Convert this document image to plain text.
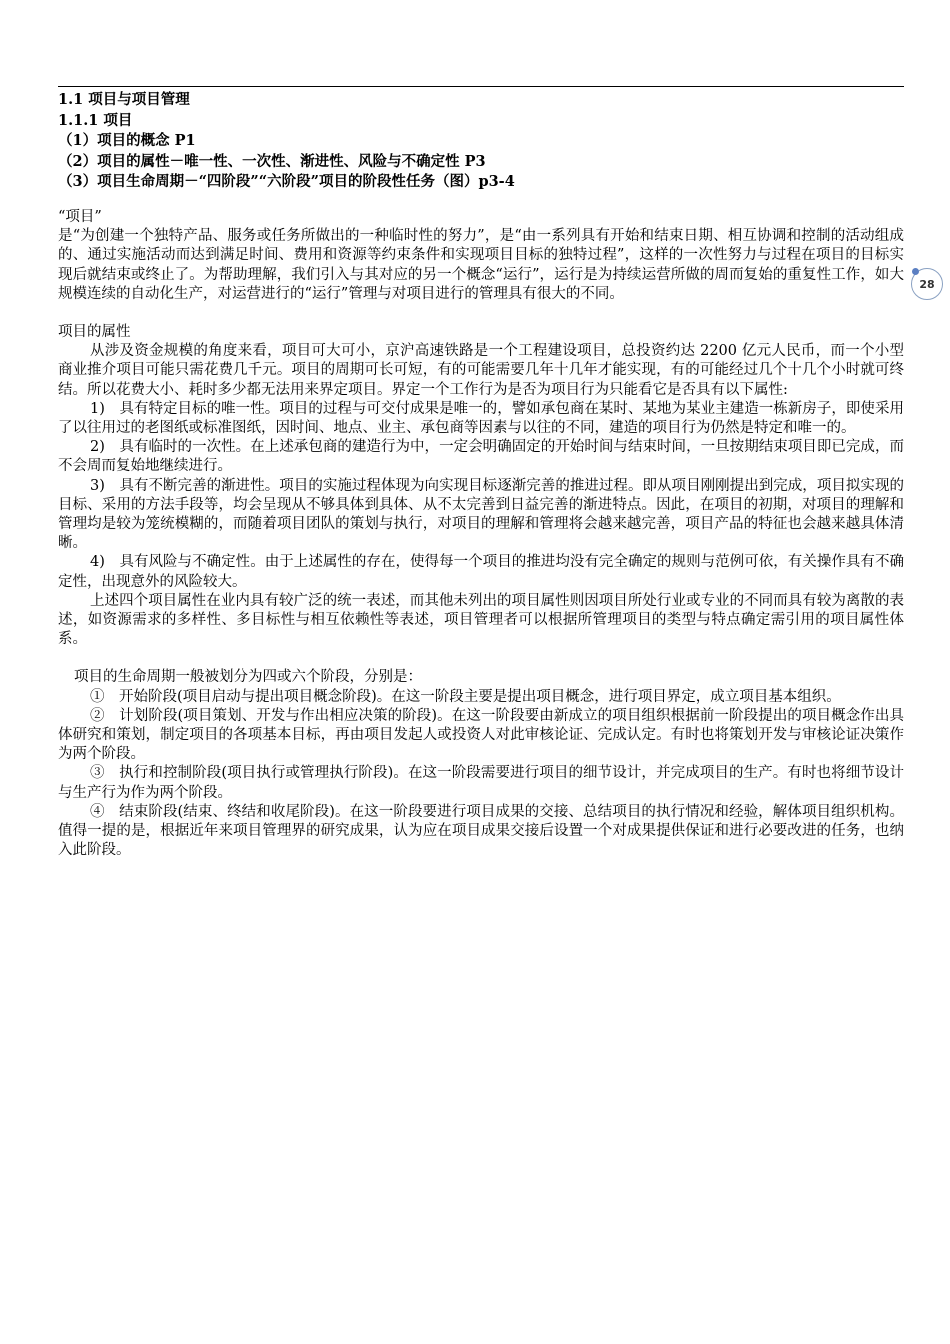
1.1 项目与项目管理
1.1.1 项目
（1）项目的概念 P1
（2）项目的属性－唯一性、一次性、渐进性、风险与不确定性 P3
（3）项目生命周期－“四阶段”“六阶段”项目的阶段性任务（图）p3-4

“项目”

是“为创建一个独特产品、服务或任务所做出的一种临时性的努力”，是“由一系列具有开始和结束日期、相互协调和控制的活动组成的、通过实施活动而达到满足时间、费用和资源等约束条件和实现项目目标的独特过程”，这样的一次性努力与过程在项目的目标实现后就结束或终止了。为帮助理解，我们引入与其对应的另一个概念“运行”，运行是为持续运营所做的周而复始的重复性工作，如大规模连续的自动化生产，对运营进行的“运行”管理与对项目进行的管理具有很大的不同。

项目的属性

从涉及资金规模的角度来看，项目可大可小，京沪高速铁路是一个工程建设项目，总投资约达 2200 亿元人民币，而一个小型商业推介项目可能只需花费几千元。项目的周期可长可短，有的可能需要几年十几年才能实现，有的可能经过几个十几个小时就可终结。所以花费大小、耗时多少都无法用来界定项目。界定一个工作行为是否为项目行为只能看它是否具有以下属性:

1)　具有特定目标的唯一性。项目的过程与可交付成果是唯一的，譬如承包商在某时、某地为某业主建造一栋新房子，即使采用了以往用过的老图纸或标准图纸，因时间、地点、业主、承包商等因素与以往的不同，建造的项目行为仍然是特定和唯一的。

2)　具有临时的一次性。在上述承包商的建造行为中，一定会明确固定的开始时间与结束时间，一旦按期结束项目即已完成，而不会周而复始地继续进行。

3)　具有不断完善的渐进性。项目的实施过程体现为向实现目标逐渐完善的推进过程。即从项目刚刚提出到完成，项目拟实现的目标、采用的方法手段等，均会呈现从不够具体到具体、从不太完善到日益完善的渐进特点。因此，在项目的初期，对项目的理解和管理均是较为笼统模糊的，而随着项目团队的策划与执行，对项目的理解和管理将会越来越完善，项目产品的特征也会越来越具体清晰。

4)　具有风险与不确定性。由于上述属性的存在，使得每一个项目的推进均没有完全确定的规则与范例可依，有关操作具有不确定性，出现意外的风险较大。

上述四个项目属性在业内具有较广泛的统一表述，而其他未列出的项目属性则因项目所处行业或专业的不同而具有较为离散的表述，如资源需求的多样性、多目标性与相互依赖性等表述，项目管理者可以根据所管理项目的类型与特点确定需引用的项目属性体系。

项目的生命周期一般被划分为四或六个阶段，分别是：

①　开始阶段(项目启动与提出项目概念阶段)。在这一阶段主要是提出项目概念，进行项目界定，成立项目基本组织。

②　计划阶段(项目策划、开发与作出相应决策的阶段)。在这一阶段要由新成立的项目组织根据前一阶段提出的项目概念作出具体研究和策划，制定项目的各项基本目标，再由项目发起人或投资人对此审核论证、完成认定。有时也将策划开发与审核论证决策作为两个阶段。

③　执行和控制阶段(项目执行或管理执行阶段)。在这一阶段需要进行项目的细节设计，并完成项目的生产。有时也将细节设计与生产行为作为两个阶段。

④　结束阶段(结束、终结和收尾阶段)。在这一阶段要进行项目成果的交接、总结项目的执行情况和经验，解体项目组织机构。值得一提的是，根据近年来项目管理界的研究成果，认为应在项目成果交接后设置一个对成果提供保证和进行必要改进的任务，也纳入此阶段。

28
